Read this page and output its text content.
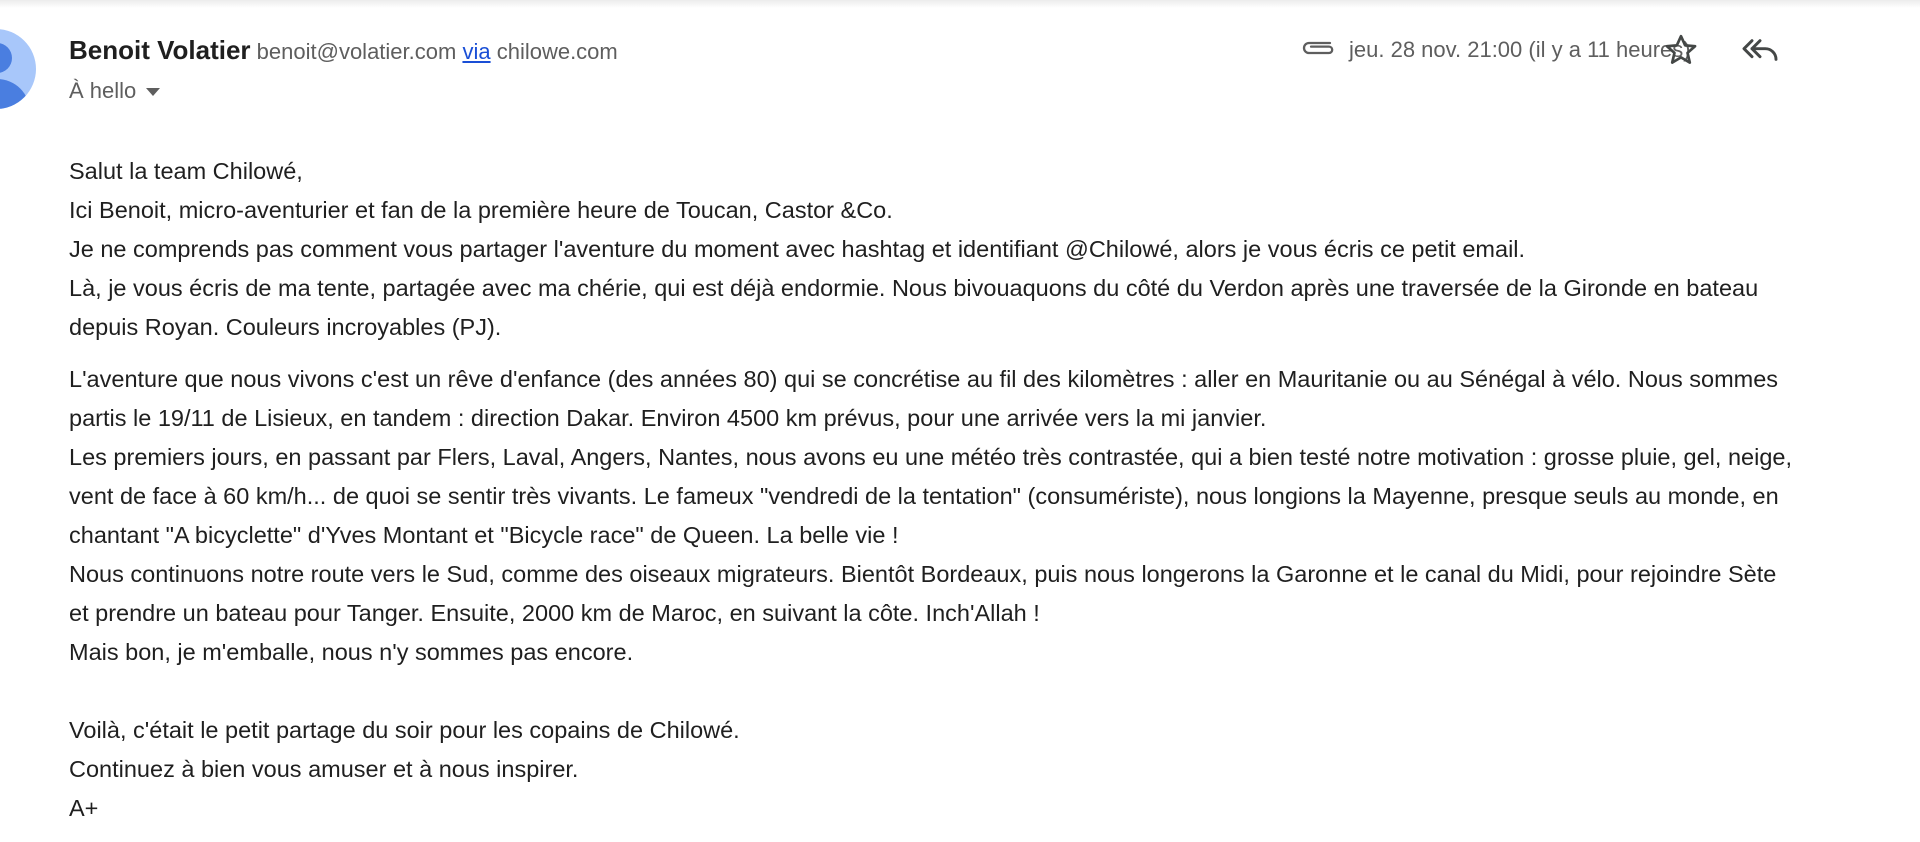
Benoit Volatier benoit@volatier.com via chilowe.com
À hello
jeu. 28 nov. 21:00 (il y a 11 heures)
Salut la team Chilowé,
Ici Benoit, micro-aventurier et fan de la première heure de Toucan, Castor &Co.
Je ne comprends pas comment vous partager l'aventure du moment avec hashtag et identifiant @Chilowé, alors je vous écris ce petit email.
Là, je vous écris de ma tente, partagée avec ma chérie, qui est déjà endormie. Nous bivouaquons du côté du Verdon après une traversée de la Gironde en bateau
depuis Royan. Couleurs incroyables (PJ).
L'aventure que nous vivons c'est un rêve d'enfance (des années 80) qui se concrétise au fil des kilomètres : aller en Mauritanie ou au Sénégal à vélo. Nous sommes
partis le 19/11 de Lisieux, en tandem : direction Dakar. Environ 4500 km prévus, pour une arrivée vers la mi janvier.
Les premiers jours, en passant par Flers, Laval, Angers, Nantes, nous avons eu une météo très contrastée, qui a bien testé notre motivation : grosse pluie, gel, neige,
vent de face à 60 km/h... de quoi se sentir très vivants. Le fameux "vendredi de la tentation" (consumériste), nous longions la Mayenne, presque seuls au monde, en
chantant "A bicyclette" d'Yves Montant et "Bicycle race" de Queen. La belle vie !
Nous continuons notre route vers le Sud, comme des oiseaux migrateurs. Bientôt Bordeaux, puis nous longerons la Garonne et le canal du Midi, pour rejoindre Sète
et prendre un bateau pour Tanger. Ensuite, 2000 km de Maroc, en suivant la côte. Inch'Allah !
Mais bon, je m'emballe, nous n'y sommes pas encore.
Voilà, c'était le petit partage du soir pour les copains de Chilowé.
Continuez à bien vous amuser et à nous inspirer.
A+
